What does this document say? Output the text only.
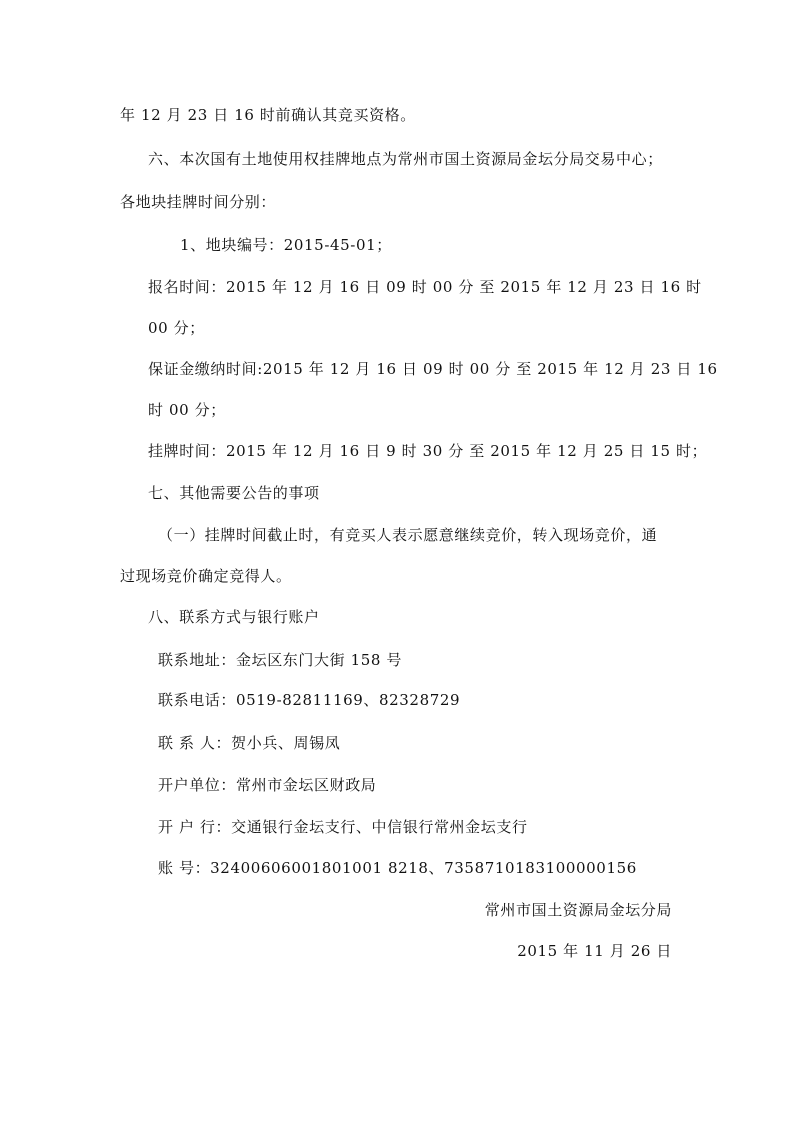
年 12 月 23 日 16 时前确认其竞买资格。
六、本次国有土地使用权挂牌地点为常州市国土资源局金坛分局交易中心；
各地块挂牌时间分别：
1、地块编号：2015-45-01；
报名时间：2015 年 12 月 16 日 09 时 00 分 至 2015 年 12 月 23 日 16 时
00 分；
保证金缴纳时间:2015 年 12 月 16 日 09 时 00 分 至 2015 年 12 月 23 日 16
时 00 分；
挂牌时间：2015 年 12 月 16 日 9 时 30 分 至 2015 年 12 月 25 日 15 时；
七、其他需要公告的事项
（一）挂牌时间截止时，有竞买人表示愿意继续竞价，转入现场竞价，通
过现场竞价确定竞得人。
八、联系方式与银行账户
联系地址：金坛区东门大街 158 号
联系电话：0519-82811169、82328729
联 系 人：贺小兵、周锡凤
开户单位：常州市金坛区财政局
开 户 行：交通银行金坛支行、中信银行常州金坛支行
账 号：32400606001801001 8218、7358710183100000156
常州市国土资源局金坛分局
2015 年 11 月 26 日
